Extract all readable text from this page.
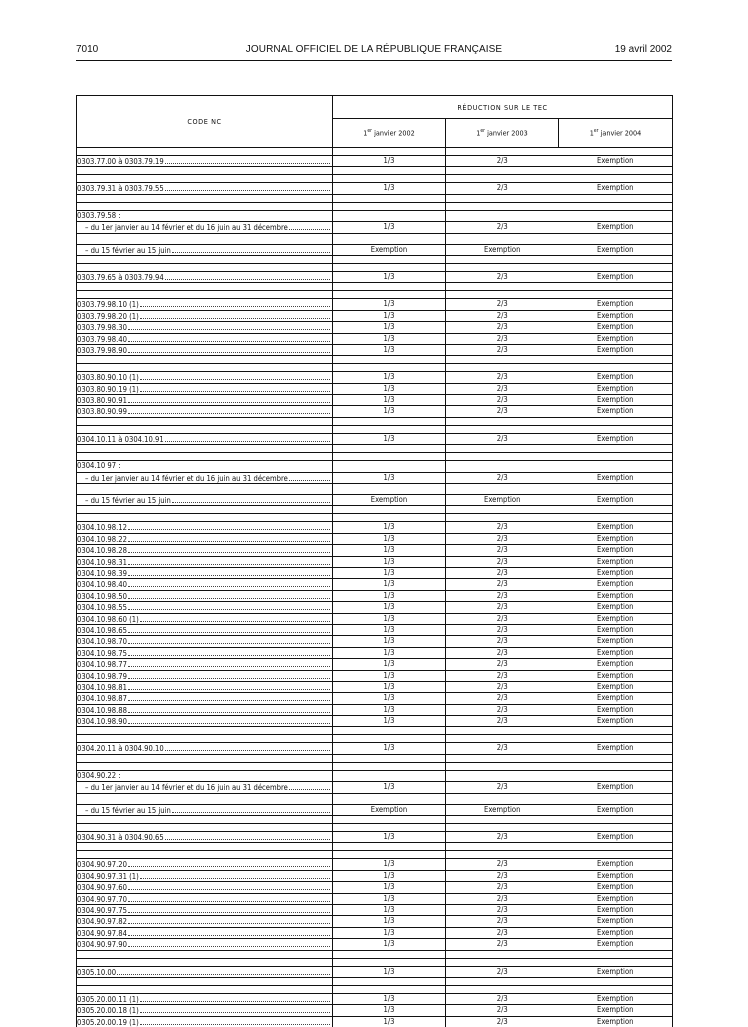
7010	JOURNAL OFFICIEL DE LA RÉPUBLIQUE FRANÇAISE	19 avril 2002
CODE NC	RÉDUCTION SUR LE TEC		
	1er janvier 2002	1er janvier 2003	1er janvier 2004

0303.77.00 à 0303.79.19	1/3	2/3	Exemption

0303.79.31 à 0303.79.55	1/3	2/3	Exemption

0303.79.58 :			

– du 1er janvier au 14 février et du 16 juin au 31 décembre	1/3	2/3	Exemption

– du 15 février au 15 juin	Exemption	Exemption	Exemption

0303.79.65 à 0303.79.94	1/3	2/3	Exemption

0303.79.98.10 (1)	1/3	2/3	Exemption

0303.79.98.20 (1)	1/3	2/3	Exemption

0303.79.98.30	1/3	2/3	Exemption

0303.79.98.40	1/3	2/3	Exemption

0303.79.98.90	1/3	2/3	Exemption

0303.80.90.10 (1)	1/3	2/3	Exemption

0303.80.90.19 (1)	1/3	2/3	Exemption

0303.80.90.91	1/3	2/3	Exemption

0303.80.90.99	1/3	2/3	Exemption

0304.10.11 à 0304.10.91	1/3	2/3	Exemption

0304.10 97 :			

– du 1er janvier au 14 février et du 16 juin au 31 décembre	1/3	2/3	Exemption

– du 15 février au 15 juin	Exemption	Exemption	Exemption

0304.10.98.12	1/3	2/3	Exemption

0304.10.98.22	1/3	2/3	Exemption

0304.10.98.28	1/3	2/3	Exemption

0304.10.98.31	1/3	2/3	Exemption

0304.10.98.39	1/3	2/3	Exemption

0304.10.98.40	1/3	2/3	Exemption

0304.10.98.50	1/3	2/3	Exemption

0304.10.98.55	1/3	2/3	Exemption

0304.10.98.60 (1)	1/3	2/3	Exemption

0304.10.98.65	1/3	2/3	Exemption

0304.10.98.70	1/3	2/3	Exemption

0304.10.98.75	1/3	2/3	Exemption

0304.10.98.77	1/3	2/3	Exemption

0304.10.98.79	1/3	2/3	Exemption

0304.10.98.81	1/3	2/3	Exemption

0304.10.98.87	1/3	2/3	Exemption

0304.10.98.88	1/3	2/3	Exemption

0304.10.98.90	1/3	2/3	Exemption

0304.20.11 à 0304.90.10	1/3	2/3	Exemption

0304.90.22 :			

– du 1er janvier au 14 février et du 16 juin au 31 décembre	1/3	2/3	Exemption

– du 15 février au 15 juin	Exemption	Exemption	Exemption

0304.90.31 à 0304.90.65	1/3	2/3	Exemption

0304.90.97.20	1/3	2/3	Exemption

0304.90.97.31 (1)	1/3	2/3	Exemption

0304.90.97.60	1/3	2/3	Exemption

0304.90.97.70	1/3	2/3	Exemption

0304.90.97.75	1/3	2/3	Exemption

0304.90.97.82	1/3	2/3	Exemption

0304.90.97.84	1/3	2/3	Exemption

0304.90.97.90	1/3	2/3	Exemption

0305.10.00	1/3	2/3	Exemption

0305.20.00.11 (1)	1/3	2/3	Exemption

0305.20.00.18 (1)	1/3	2/3	Exemption

0305.20.00.19 (1)	1/3	2/3	Exemption
